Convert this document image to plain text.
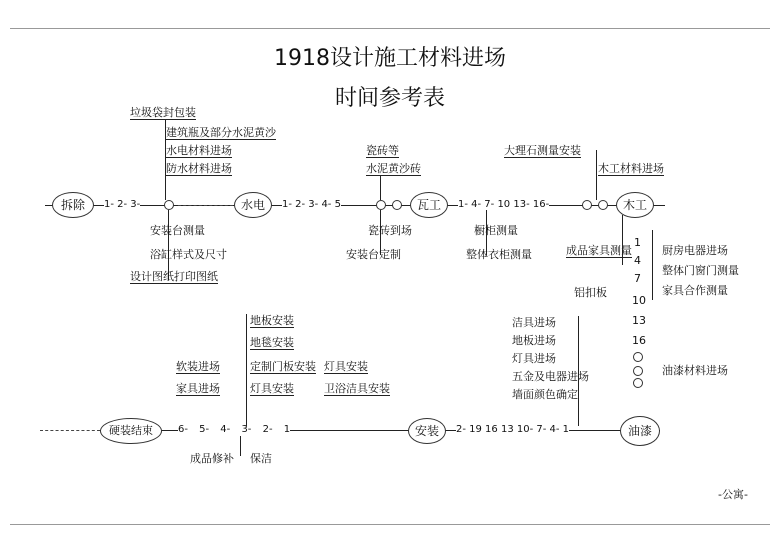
1918设计施工材料进场
时间参考表
拆除	1- 2- 3-	水电	1- 2- 3- 4- 5	瓦工	1- 4- 7- 10 13- 16-	木工
垃圾袋封包装
建筑瓶及部分水泥黄沙
水电材料进场
防水材料进场
安装台测量
浴缸样式及尺寸
设计图纸打印图纸
瓷砖等
水泥黄沙砖
瓷砖到场
安装台定制
大理石测量安装
木工材料进场
橱柜测量
整体衣柜测量	成品家具测量
铝扣板
1
4
7
10
13
16
厨房电器进场
整体门窗门测量
家具合作测量
油漆材料进场
硬装结束	6- 5- 4- 3- 2- 1	安装	2- 19 16 13 10- 7- 4- 1	油漆
地板安装
地毯安装
定制门板安装 灯具安装
卫浴洁具安装
软装进场
家具进场	灯具安装
洁具进场
地板进场
灯具进场
五金及电器进场
墙面颜色确定
成品修补 保洁
-公寓-
